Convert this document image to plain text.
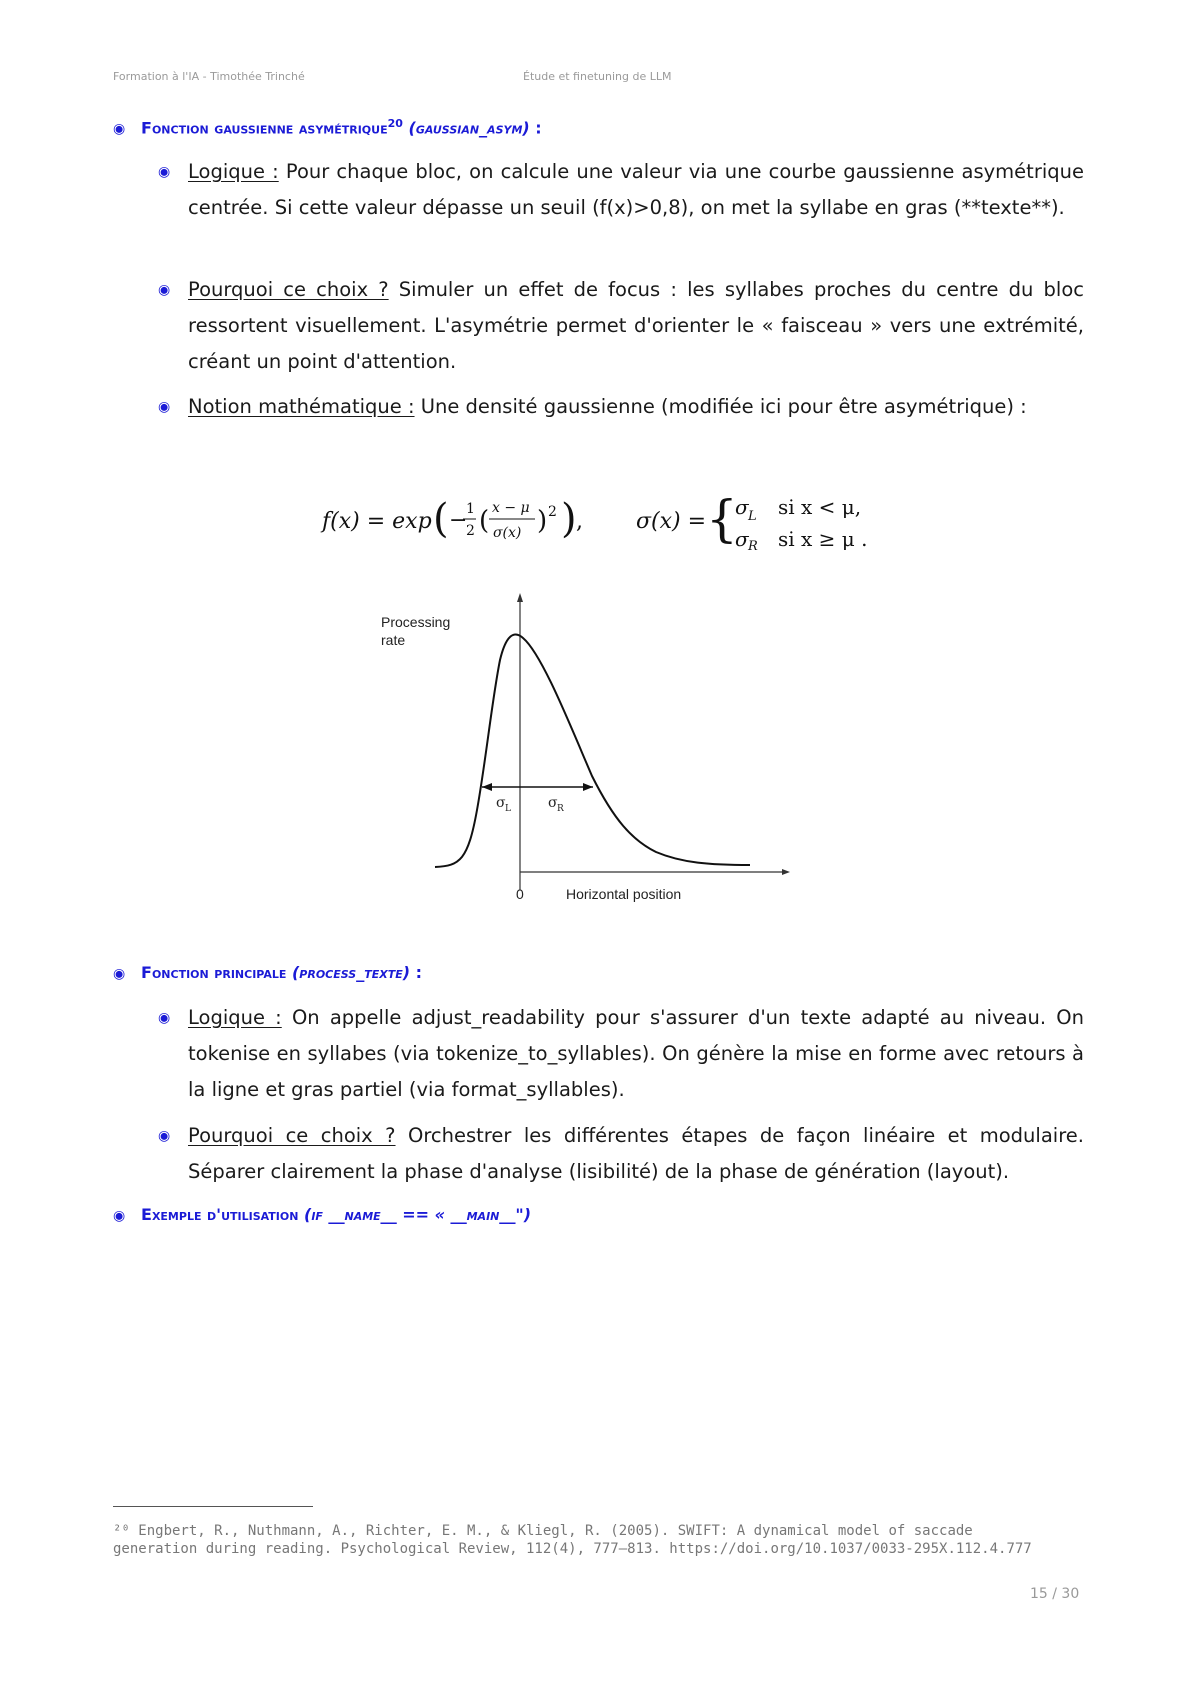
Formation à l'IA - Timothée Trinché	Étude et finetuning de LLM
◉ Fonction gaussienne asymétrique$^{20}$ (gaussian_asym) :
◉ Logique : Pour chaque bloc, on calcule une valeur via une courbe gaussienne asymétrique centrée. Si cette valeur dépasse un seuil (f(x)>0,8), on met la syllabe en gras (**texte**).
◉ Pourquoi ce choix ? Simuler un effet de focus : les syllabes proches du centre du bloc ressortent visuellement. L'asymétrie permet d'orienter le « faisceau » vers une extrémité, créant un point d'attention.
◉ Notion mathématique : Une densité gaussienne (modifiée ici pour être asymétrique) :
f(x) = exp ( −
1
2 ( x − μ
σ(x) ) 2 ) , σ(x) = {
σ L si x < μ,
σ R si x ≥ μ .
Processing
rate
σ L	σ R
0	Horizontal position
◉ Fonction principale (process_texte) :
◉ Logique : On appelle adjust_readability pour s'assurer d'un texte adapté au niveau. On tokenise en syllabes (via tokenize_to_syllables). On génère la mise en forme avec retours à la ligne et gras partiel (via format_syllables).
◉ Pourquoi ce choix ? Orchestrer les différentes étapes de façon linéaire et modulaire. Séparer clairement la phase d'analyse (lisibilité) de la phase de génération (layout).
◉ Exemple d'utilisation (if __name__ == « __main__")
²⁰ Engbert, R., Nuthmann, A., Richter, E. M., & Kliegl, R. (2005). SWIFT: A dynamical model of saccade generation during reading. Psychological Review, 112(4), 777–813. https://doi.org/10.1037/0033-295X.112.4.777
15 / 30
